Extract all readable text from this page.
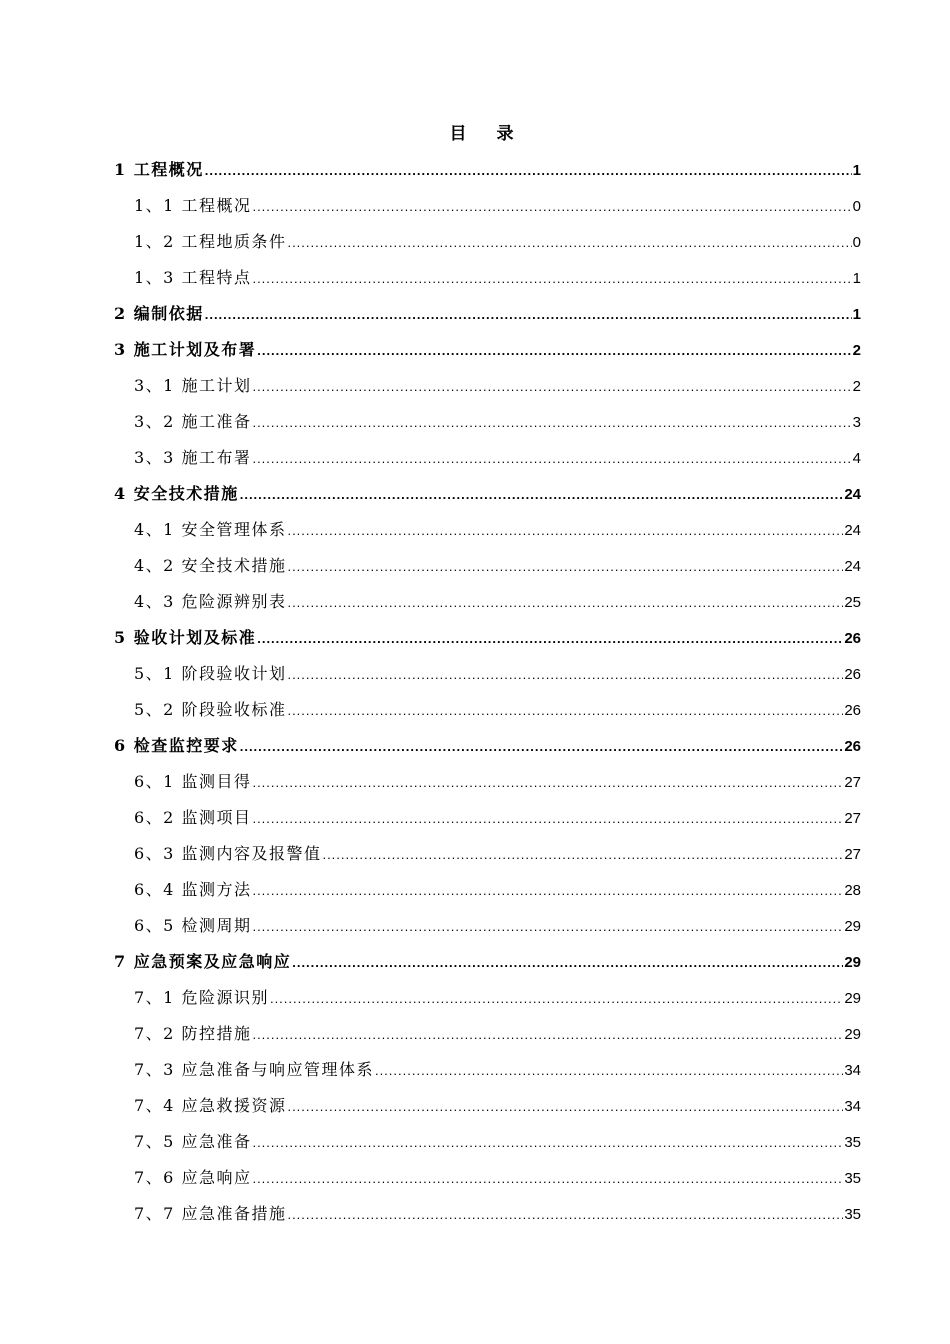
目 录
1 工程概况 .....	1
1、1 工程概况 .....	0
1、2 工程地质条件 .....	0
1、3 工程特点 .....	1
2 编制依据 .....	1
3 施工计划及布署 .....	2
3、1 施工计划 .....	2
3、2 施工准备 .....	3
3、3 施工布署 .....	4
4 安全技术措施 .....	24
4、1 安全管理体系 .....	24
4、2 安全技术措施 .....	24
4、3 危险源辨别表 .....	25
5 验收计划及标准 .....	26
5、1 阶段验收计划 .....	26
5、2 阶段验收标准 .....	26
6 检查监控要求 .....	26
6、1 监测目得 .....	27
6、2 监测项目 .....	27
6、3 监测内容及报警值 .....	27
6、4 监测方法 .....	28
6、5 检测周期 .....	29
7 应急预案及应急响应 .....	29
7、1 危险源识别 .....	29
7、2 防控措施 .....	29
7、3 应急准备与响应管理体系 .....	34
7、4 应急救援资源 .....	34
7、5 应急准备 .....	35
7、6 应急响应 .....	35
7、7 应急准备措施 .....	35
